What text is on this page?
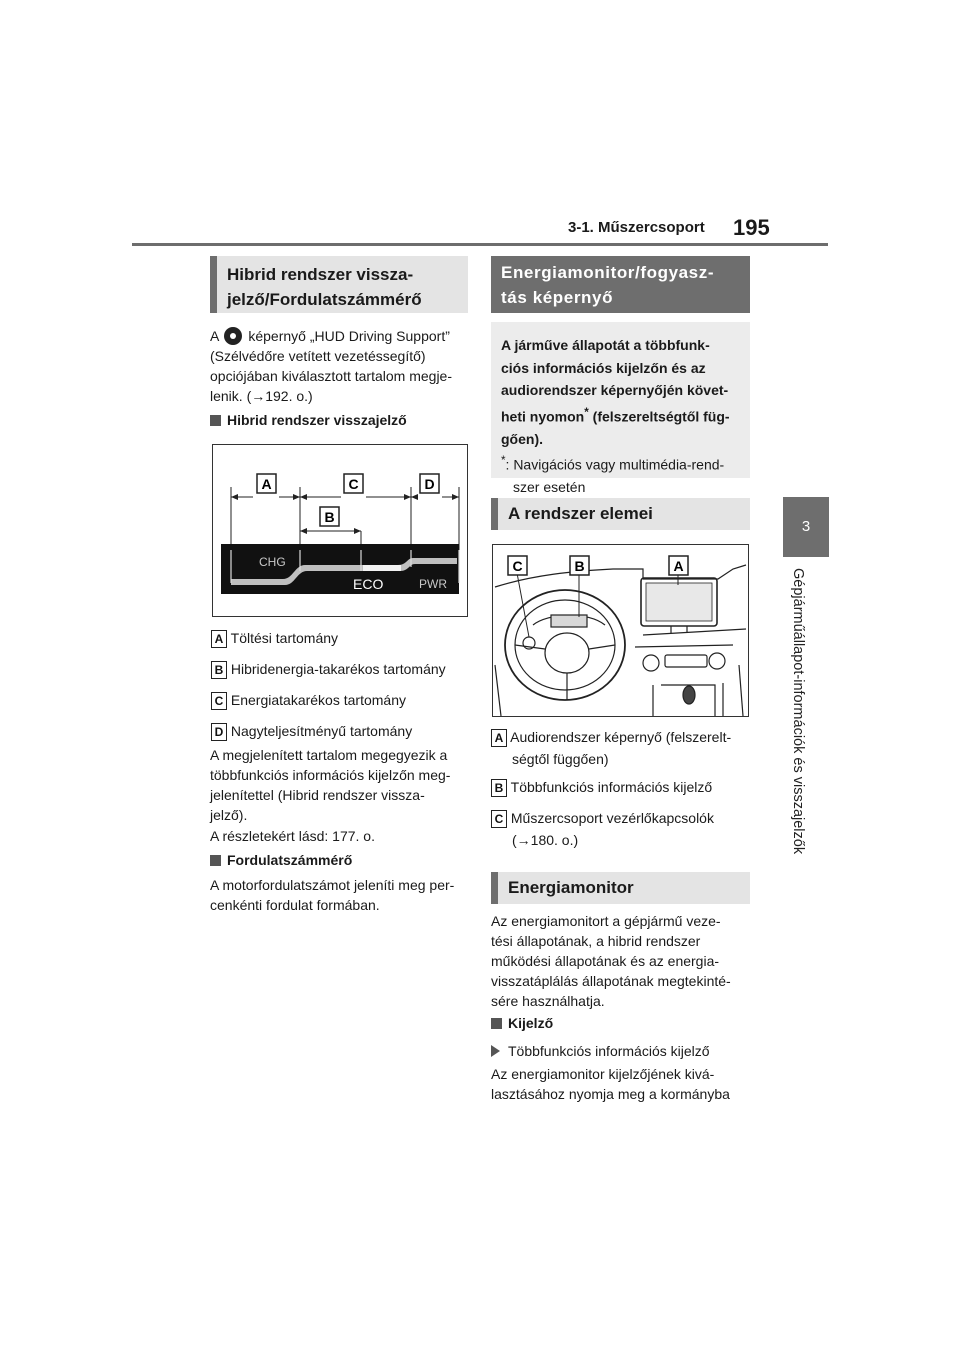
3-1. Műszercsoport 195
3
Gépjárműállapot-információk és visszajelzők
Hibrid rendszer vissza-
jelző/Fordulatszámmérő
A képernyő „HUD Driving Support”
(Szélvédőre vetített vezetéssegítő)
opciójában kiválasztott tartalom megje-
lenik. (→192. o.)
Hibrid rendszer visszajelző
A	C	D
B
CHG
ECO	PWR
A Töltési tartomány
B Hibridenergia-takarékos tartomány
C Energiatakarékos tartomány
D Nagyteljesítményű tartomány
A megjelenített tartalom megegyezik a
többfunkciós információs kijelzőn meg-
jelenítettel (Hibrid rendszer vissza-
jelző).
A részletekért lásd: 177. o.
Fordulatszámmérő
A motorfordulatszámot jeleníti meg per-
cenkénti fordulat formában.
Energiamonitor/fogyasz-
tás képernyő
A járműve állapotát a többfunk-
ciós információs kijelzőn és az
audiorendszer képernyőjén követ-
heti nyomon* (felszereltségtől füg-
gően).
*: Navigációs vagy multimédia-rend-
szer esetén
A rendszer elemei
C	B	A
A Audiorendszer képernyő (felszerelt-
ségtől függően)
B Többfunkciós információs kijelző
C Műszercsoport vezérlőkapcsolók
(→180. o.)
Energiamonitor
Az energiamonitort a gépjármű veze-
tési állapotának, a hibrid rendszer
működési állapotának és az energia-
visszatáplálás állapotának megtekinté-
sére használhatja.
Kijelző
Többfunkciós információs kijelző
Az energiamonitor kijelzőjének kivá-
lasztásához nyomja meg a kormányba
